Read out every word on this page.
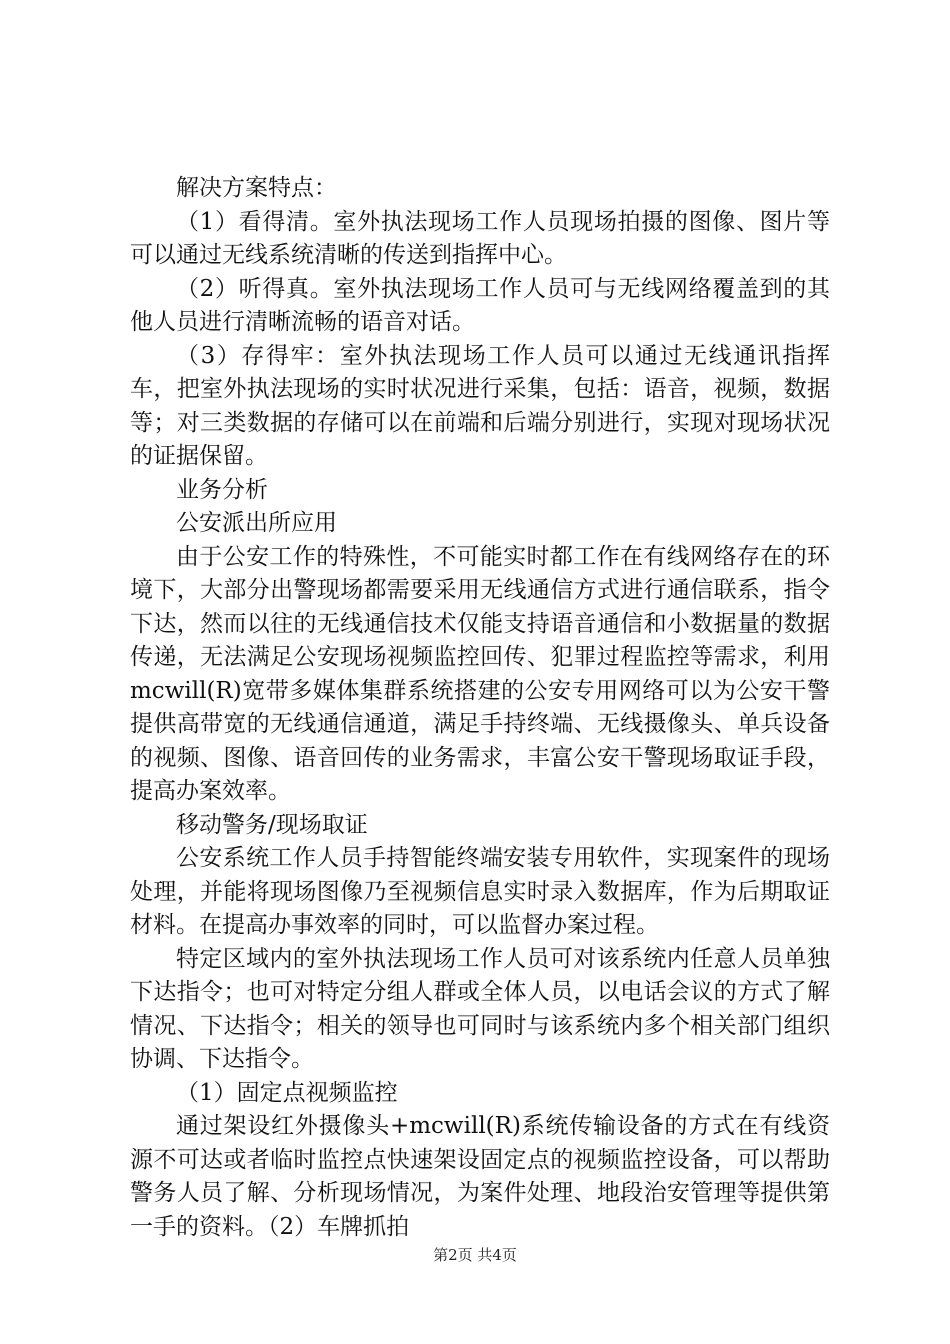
解决方案特点：

（1）看得清。室外执法现场工作人员现场拍摄的图像、图片等可以通过无线系统清晰的传送到指挥中心。

（2）听得真。室外执法现场工作人员可与无线网络覆盖到的其他人员进行清晰流畅的语音对话。

（3）存得牢：室外执法现场工作人员可以通过无线通讯指挥车，把室外执法现场的实时状况进行采集，包括：语音，视频，数据等；对三类数据的存储可以在前端和后端分别进行，实现对现场状况的证据保留。

业务分析

公安派出所应用

由于公安工作的特殊性，不可能实时都工作在有线网络存在的环境下，大部分出警现场都需要采用无线通信方式进行通信联系，指令下达，然而以往的无线通信技术仅能支持语音通信和小数据量的数据传递，无法满足公安现场视频监控回传、犯罪过程监控等需求，利用mcwill(R)宽带多媒体集群系统搭建的公安专用网络可以为公安干警提供高带宽的无线通信通道，满足手持终端、无线摄像头、单兵设备的视频、图像、语音回传的业务需求，丰富公安干警现场取证手段，提高办案效率。

移动警务/现场取证

公安系统工作人员手持智能终端安装专用软件，实现案件的现场处理，并能将现场图像乃至视频信息实时录入数据库，作为后期取证材料。在提高办事效率的同时，可以监督办案过程。

特定区域内的室外执法现场工作人员可对该系统内任意人员单独下达指令；也可对特定分组人群或全体人员，以电话会议的方式了解情况、下达指令；相关的领导也可同时与该系统内多个相关部门组织协调、下达指令。

（1）固定点视频监控

通过架设红外摄像头+mcwill(R)系统传输设备的方式在有线资源不可达或者临时监控点快速架设固定点的视频监控设备，可以帮助警务人员了解、分析现场情况，为案件处理、地段治安管理等提供第一手的资料。（2）车牌抓拍

第2页 共4页
